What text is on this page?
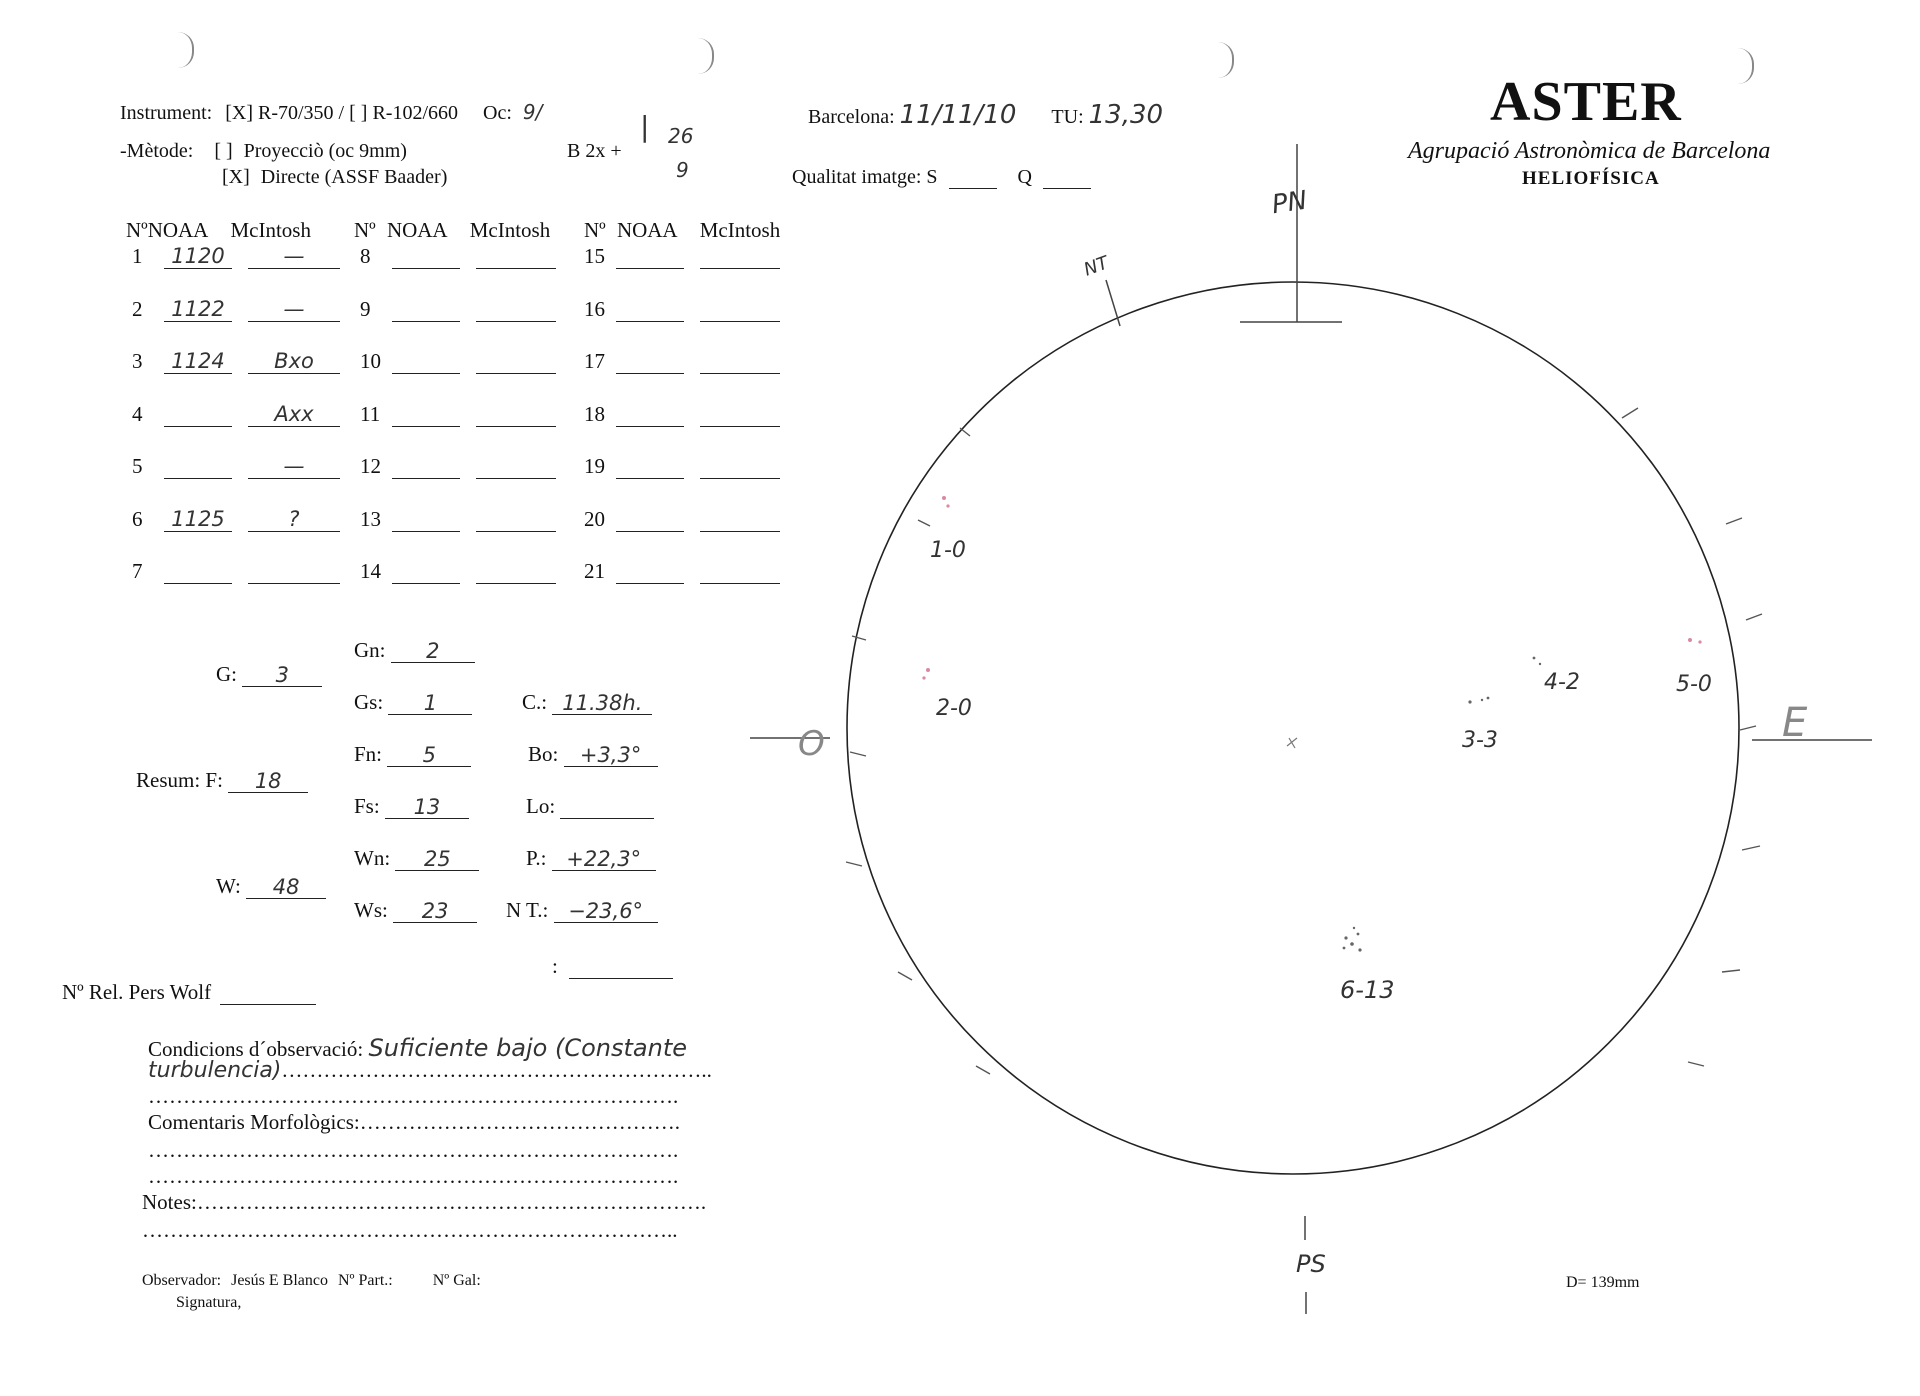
Instrument: [X] R-70/350 / [ ] R-102/660 Oc: 9/
-Mètode: [ ] Proyecciò (oc 9mm)
[X] Directe (ASSF Baader)
B 2x +
| 26
9
Barcelona: 11/11/10 TU: 13,30
Qualitat imatge: S	Q
ASTER
Agrupació Astronòmica de Barcelona
HELIOFÍSICA
NºNOAA McIntosh Nº NOAA McIntosh Nº NOAA McIntosh
1 1120	—
2 1122	—
3 1124 Bxo
4	Axx
5	—
6 1125	?
7
8
9
10
11
12
13
14
15
16
17
18
19
20
21
G: 3
Resum: F: 18
W: 48
Gn: 2
Gs: 1
Fn: 5
Fs: 13
Wn: 25
Ws: 23
C.: 11.38h.
Bo: +3,3°
Lo:
P.: +22,3°
N T.: −23,6°
:
Nº Rel. Pers Wolf
Condicions d´observació: Suficiente bajo (Constante
turbulencia)……………………………………………………..
………………………………………………………………….
Comentaris Morfològics:……………………………………….
………………………………………………………………….
………………………………………………………………….
Notes:……………………………………………………………….
…………………………………………………………………..
Observador: Jesús E Blanco Nº Part.:	Nº Gal:
Signatura,
D= 139mm
PN
PS
NT
O	E
1-0
2-0
3-3
4-2	5-0
6-13
